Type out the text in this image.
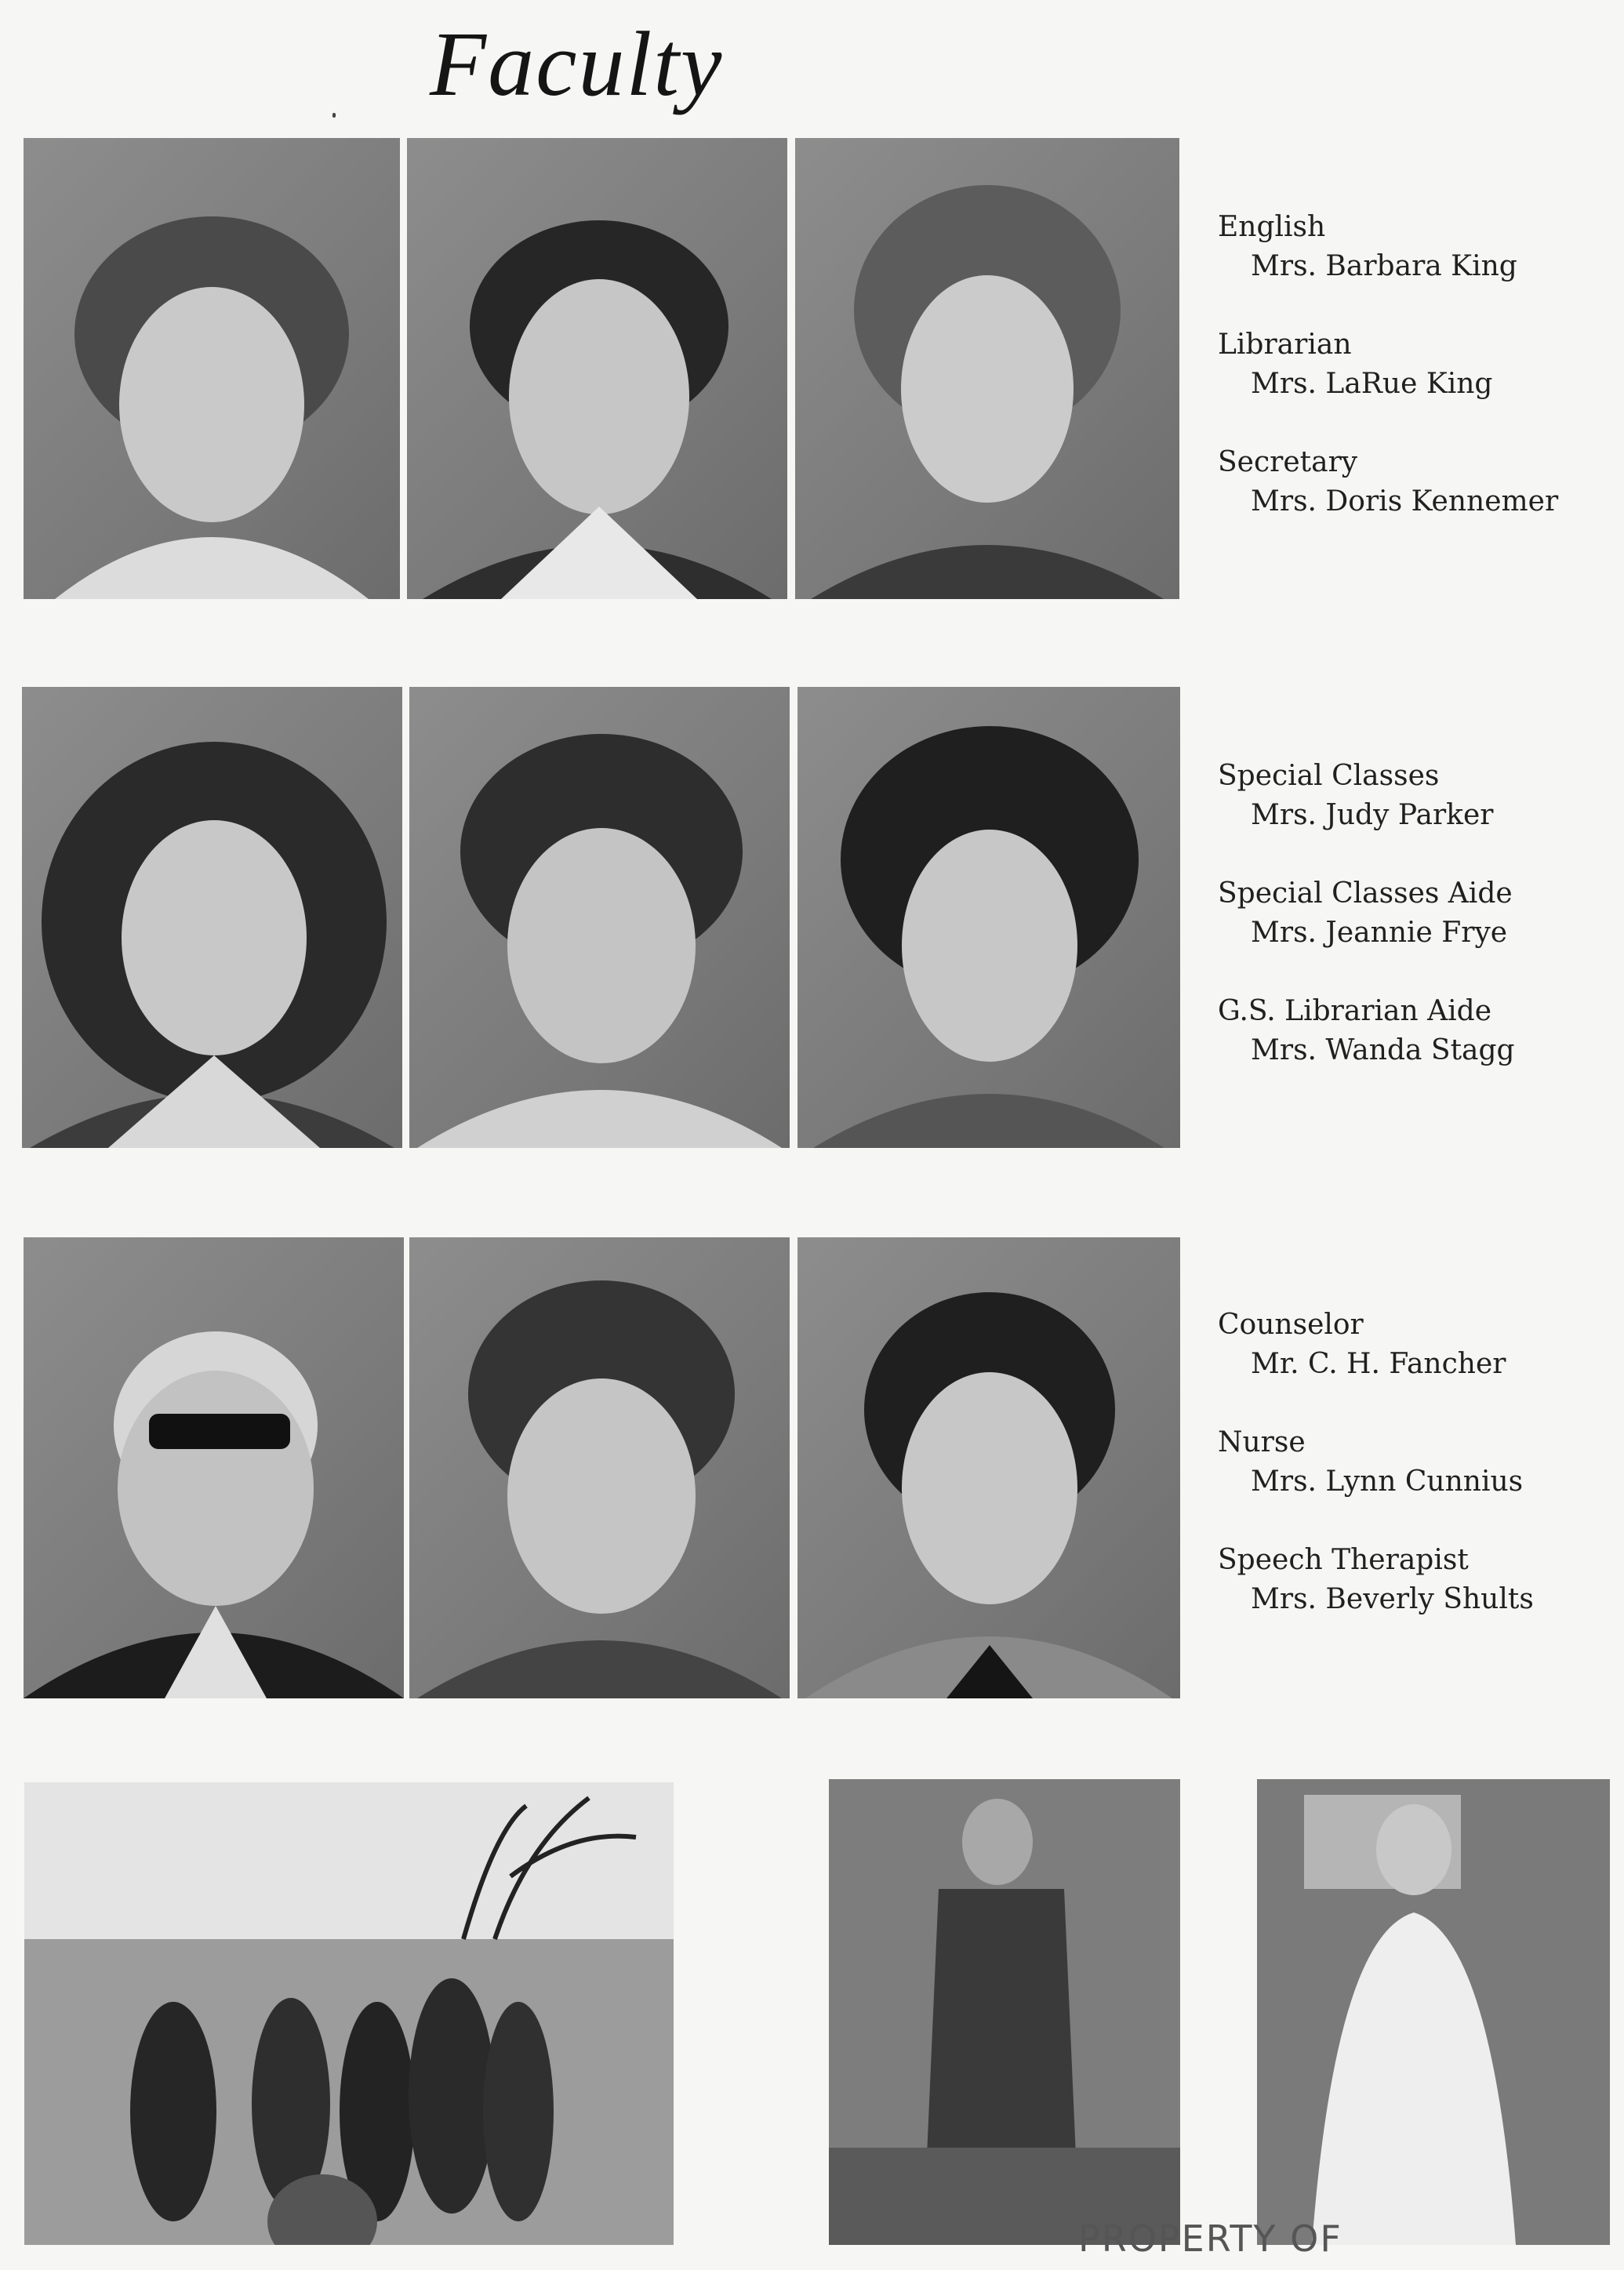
Faculty
English
Mrs. Barbara King
Librarian
Mrs. LaRue King
Secretary
Mrs. Doris Kennemer
Special Classes
Mrs. Judy Parker
Special Classes Aide
Mrs. Jeannie Frye
G.S. Librarian Aide
Mrs. Wanda Stagg
Counselor
Mr. C. H. Fancher
Nurse
Mrs. Lynn Cunnius
Speech Therapist
Mrs. Beverly Shults
PROPERTY OF
